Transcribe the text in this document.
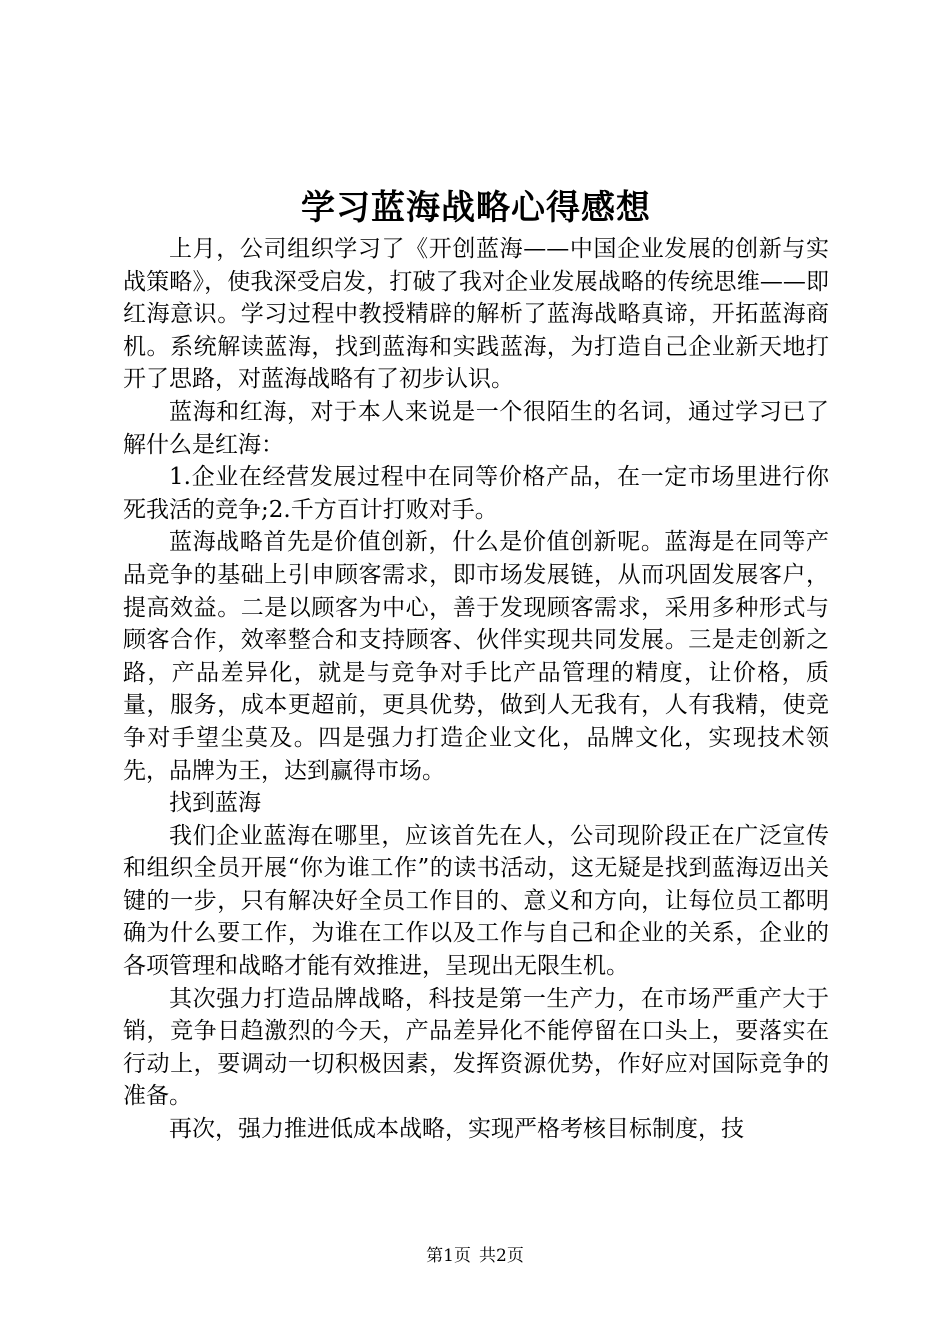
学习蓝海战略心得感想

上月，公司组织学习了《开创蓝海——中国企业发展的创新与实战策略》，使我深受启发，打破了我对企业发展战略的传统思维——即红海意识。学习过程中教授精辟的解析了蓝海战略真谛，开拓蓝海商机。系统解读蓝海，找到蓝海和实践蓝海，为打造自己企业新天地打开了思路，对蓝海战略有了初步认识。

蓝海和红海，对于本人来说是一个很陌生的名词，通过学习已了解什么是红海：

1.企业在经营发展过程中在同等价格产品，在一定市场里进行你死我活的竞争;2.千方百计打败对手。

蓝海战略首先是价值创新，什么是价值创新呢。蓝海是在同等产品竞争的基础上引申顾客需求，即市场发展链，从而巩固发展客户，提高效益。二是以顾客为中心，善于发现顾客需求，采用多种形式与顾客合作，效率整合和支持顾客、伙伴实现共同发展。三是走创新之路，产品差异化，就是与竞争对手比产品管理的精度，让价格，质量，服务，成本更超前，更具优势，做到人无我有，人有我精，使竞争对手望尘莫及。四是强力打造企业文化，品牌文化，实现技术领先，品牌为王，达到赢得市场。

找到蓝海

我们企业蓝海在哪里，应该首先在人，公司现阶段正在广泛宣传和组织全员开展“你为谁工作”的读书活动，这无疑是找到蓝海迈出关键的一步，只有解决好全员工作目的、意义和方向，让每位员工都明确为什么要工作，为谁在工作以及工作与自己和企业的关系，企业的各项管理和战略才能有效推进，呈现出无限生机。

其次强力打造品牌战略，科技是第一生产力，在市场严重产大于销，竞争日趋激烈的今天，产品差异化不能停留在口头上，要落实在行动上，要调动一切积极因素，发挥资源优势，作好应对国际竞争的准备。

再次，强力推进低成本战略，实现严格考核目标制度，技

第1页 共2页
